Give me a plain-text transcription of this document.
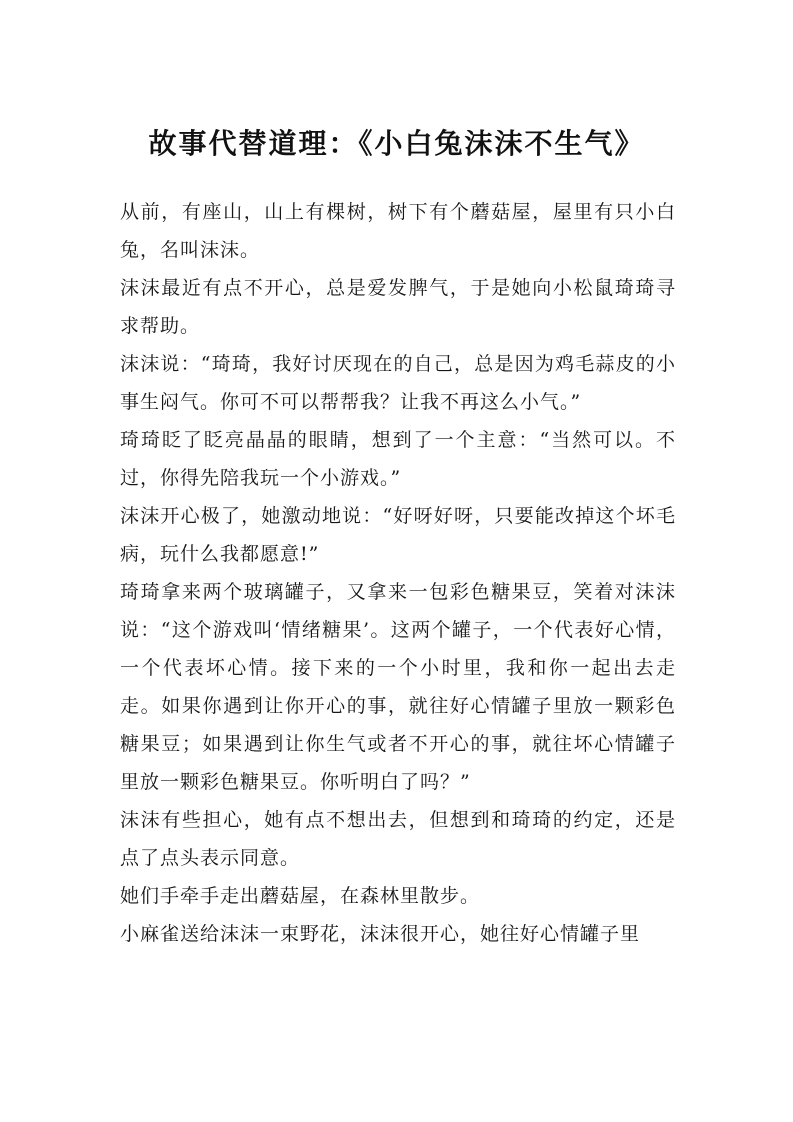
故事代替道理：《小白兔沫沫不生气》

从前，有座山，山上有棵树，树下有个蘑菇屋，屋里有只小白兔，名叫沫沫。

沫沫最近有点不开心，总是爱发脾气，于是她向小松鼠琦琦寻求帮助。

沫沫说：“琦琦，我好讨厌现在的自己，总是因为鸡毛蒜皮的小事生闷气。你可不可以帮帮我？让我不再这么小气。”

琦琦眨了眨亮晶晶的眼睛，想到了一个主意：“当然可以。不过，你得先陪我玩一个小游戏。”

沫沫开心极了，她激动地说：“好呀好呀，只要能改掉这个坏毛病，玩什么我都愿意!”

琦琦拿来两个玻璃罐子，又拿来一包彩色糖果豆，笑着对沫沫说：“这个游戏叫‘情绪糖果’。这两个罐子，一个代表好心情，一个代表坏心情。接下来的一个小时里，我和你一起出去走走。如果你遇到让你开心的事，就往好心情罐子里放一颗彩色糖果豆；如果遇到让你生气或者不开心的事，就往坏心情罐子里放一颗彩色糖果豆。你听明白了吗？”

沫沫有些担心，她有点不想出去，但想到和琦琦的约定，还是点了点头表示同意。

她们手牵手走出蘑菇屋，在森林里散步。

小麻雀送给沫沫一束野花，沫沫很开心，她往好心情罐子里
